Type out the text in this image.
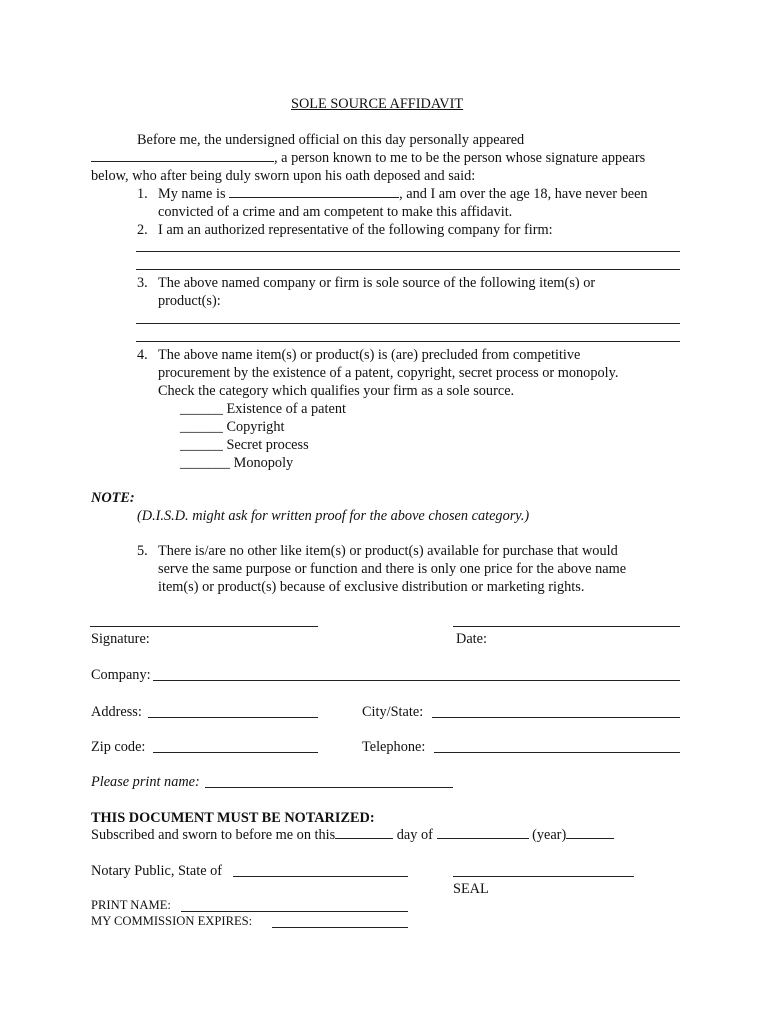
SOLE SOURCE AFFIDAVIT
Before me, the undersigned official on this day personally appeared
, a person known to me to be the person whose signature appears
below, who after being duly sworn upon his oath deposed and said:
1. My name is	, and I am over the age 18, have never been
convicted of a crime and am competent to make this affidavit.
2. I am an authorized representative of the following company for firm:
3. The above named company or firm is sole source of the following item(s) or
product(s):
4. The above name item(s) or product(s) is (are) precluded from competitive
procurement by the existence of a patent, copyright, secret process or monopoly.
Check the category which qualifies your firm as a sole source.
______ Existence of a patent
______ Copyright
______ Secret process
_______ Monopoly
NOTE:
(D.I.S.D. might ask for written proof for the above chosen category.)
5. There is/are no other like item(s) or product(s) available for purchase that would
serve the same purpose or function and there is only one price for the above name
item(s) or product(s) because of exclusive distribution or marketing rights.
Signature:	Date:
Company:
Address:	City/State:
Zip code:	Telephone:
Please print name:
THIS DOCUMENT MUST BE NOTARIZED:
Subscribed and sworn to before me on this	day of	(year)
Notary Public, State of
SEAL
PRINT NAME:
MY COMMISSION EXPIRES:
